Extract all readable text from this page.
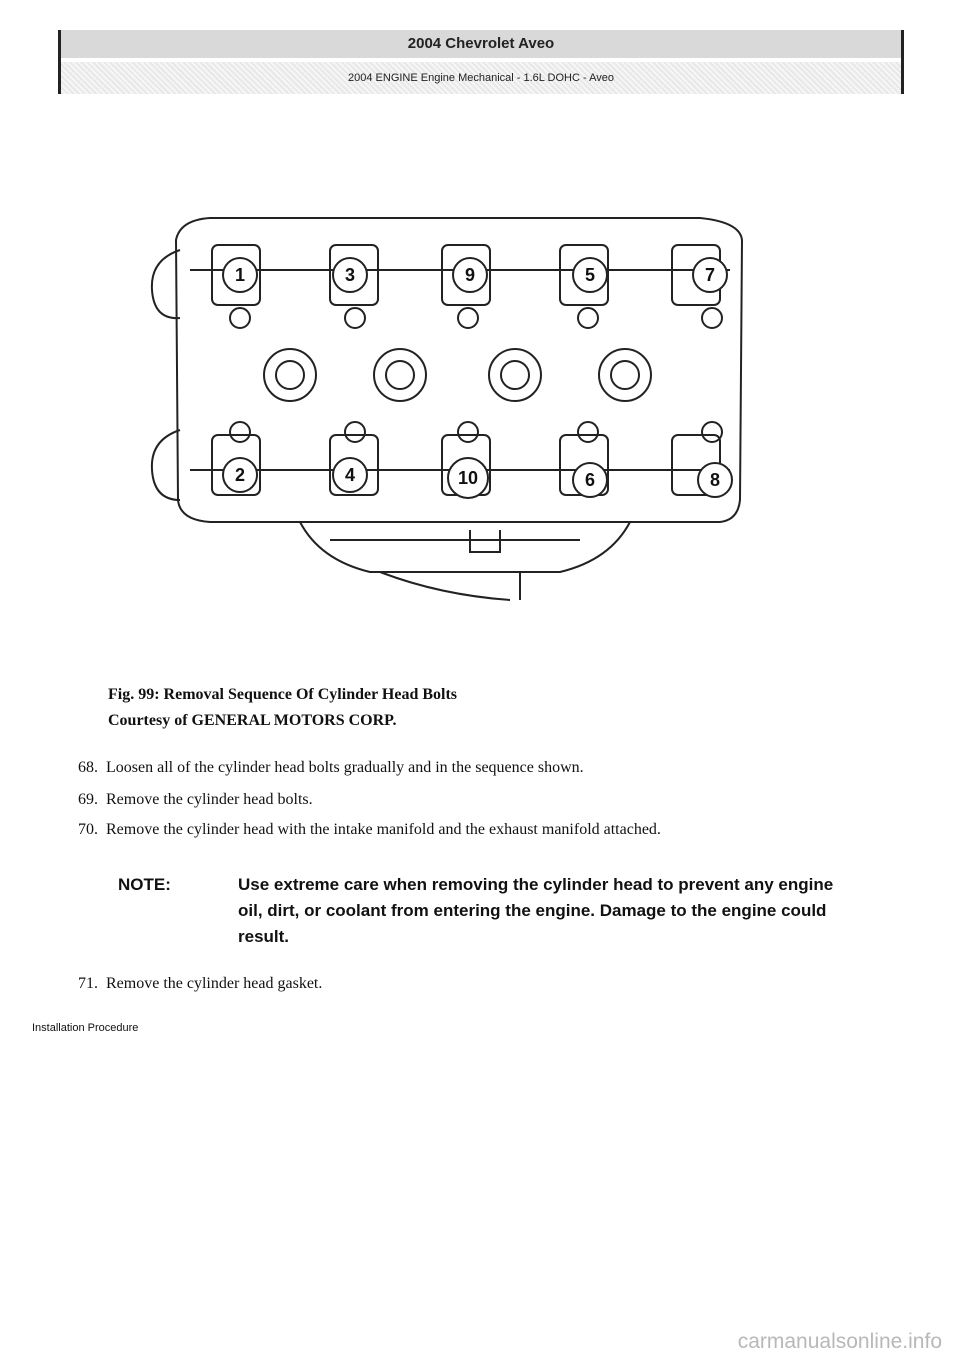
2004 Chevrolet Aveo
2004 ENGINE Engine Mechanical - 1.6L DOHC - Aveo
1
2
3
4
5
6
7
8
9
10
Fig. 99: Removal Sequence Of Cylinder Head Bolts
Courtesy of GENERAL MOTORS CORP.
68. Loosen all of the cylinder head bolts gradually and in the sequence shown.
69. Remove the cylinder head bolts.
70. Remove the cylinder head with the intake manifold and the exhaust manifold attached.
71. Remove the cylinder head gasket.
NOTE:	Use extreme care when removing the cylinder head to prevent any engine oil, dirt, or coolant from entering the engine. Damage to the engine could result.
Installation Procedure
carmanualsonline.info
